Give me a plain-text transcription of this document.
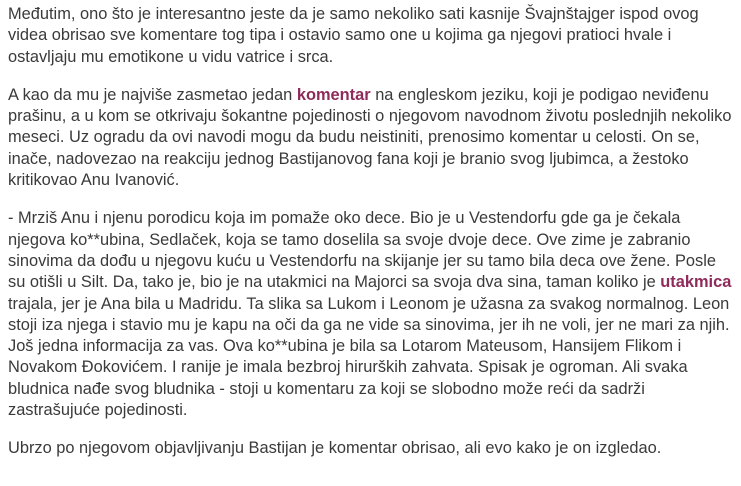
Međutim, ono što je interesantno jeste da je samo nekoliko sati kasnije Švajnštajger ispod ovog videa obrisao sve komentare tog tipa i ostavio samo one u kojima ga njegovi pratioci hvale i ostavljaju mu emotikone u vidu vatrice i srca.

A kao da mu je najviše zasmetao jedan komentar na engleskom jeziku, koji je podigao neviđenu prašinu, a u kom se otkrivaju šokantne pojedinosti o njegovom navodnom životu poslednjih nekoliko meseci. Uz ogradu da ovi navodi mogu da budu neistiniti, prenosimo komentar u celosti. On se, inače, nadovezao na reakciju jednog Bastijanovog fana koji je branio svog ljubimca, a žestoko kritikovao Anu Ivanović.

- Mrziš Anu i njenu porodicu koja im pomaže oko dece. Bio je u Vestendorfu gde ga je čekala njegova ko**ubina, Sedlaček, koja se tamo doselila sa svoje dvoje dece. Ove zime je zabranio sinovima da dođu u njegovu kuću u Vestendorfu na skijanje jer su tamo bila deca ove žene. Posle su otišli u Silt. Da, tako je, bio je na utakmici na Majorci sa svoja dva sina, taman koliko je utakmica trajala, jer je Ana bila u Madridu. Ta slika sa Lukom i Leonom je užasna za svakog normalnog. Leon stoji iza njega i stavio mu je kapu na oči da ga ne vide sa sinovima, jer ih ne voli, jer ne mari za njih. Još jedna informacija za vas. Ova ko**ubina je bila sa Lotarom Mateusom, Hansijem Flikom i Novakom Đokovićem. I ranije je imala bezbroj hirurških zahvata. Spisak je ogroman. Ali svaka bludnica nađe svog bludnika - stoji u komentaru za koji se slobodno može reći da sadrži zastrašujuće pojedinosti.

Ubrzo po njegovom objavljivanju Bastijan je komentar obrisao, ali evo kako je on izgledao.
